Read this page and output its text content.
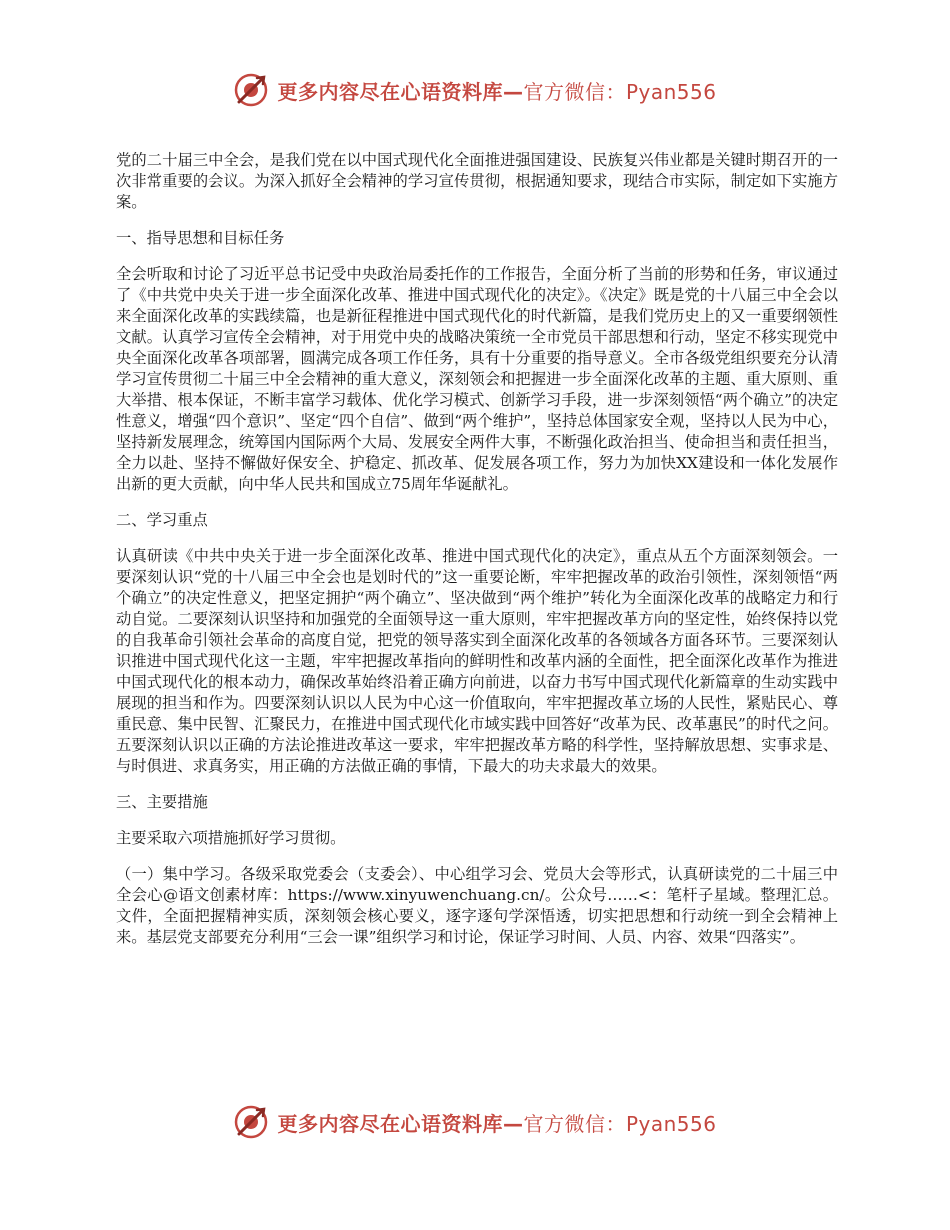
更多内容尽在心语资料库—官方微信：Pyan556

党的二十届三中全会，是我们党在以中国式现代化全面推进强国建设、民族复兴伟业都是关键时期召开的一次非常重要的会议。为深入抓好全会精神的学习宣传贯彻，根据通知要求，现结合市实际，制定如下实施方案。

一、指导思想和目标任务

全会听取和讨论了习近平总书记受中央政治局委托作的工作报告，全面分析了当前的形势和任务，审议通过了《中共党中央关于进一步全面深化改革、推进中国式现代化的决定》。《决定》既是党的十八届三中全会以来全面深化改革的实践续篇，也是新征程推进中国式现代化的时代新篇，是我们党历史上的又一重要纲领性文献。认真学习宣传全会精神，对于用党中央的战略决策统一全市党员干部思想和行动，坚定不移实现党中央全面深化改革各项部署，圆满完成各项工作任务，具有十分重要的指导意义。全市各级党组织要充分认清学习宣传贯彻二十届三中全会精神的重大意义，深刻领会和把握进一步全面深化改革的主题、重大原则、重大举措、根本保证，不断丰富学习载体、优化学习模式、创新学习手段，进一步深刻领悟“两个确立”的决定性意义，增强“四个意识”、坚定“四个自信”、做到“两个维护”，坚持总体国家安全观，坚持以人民为中心，坚持新发展理念，统筹国内国际两个大局、发展安全两件大事，不断强化政治担当、使命担当和责任担当，全力以赴、坚持不懈做好保安全、护稳定、抓改革、促发展各项工作，努力为加快XX建设和一体化发展作出新的更大贡献，向中华人民共和国成立75周年华诞献礼。

二、学习重点

认真研读《中共中央关于进一步全面深化改革、推进中国式现代化的决定》，重点从五个方面深刻领会。一要深刻认识“党的十八届三中全会也是划时代的”这一重要论断，牢牢把握改革的政治引领性，深刻领悟“两个确立”的决定性意义，把坚定拥护“两个确立”、坚决做到“两个维护”转化为全面深化改革的战略定力和行动自觉。二要深刻认识坚持和加强党的全面领导这一重大原则，牢牢把握改革方向的坚定性，始终保持以党的自我革命引领社会革命的高度自觉，把党的领导落实到全面深化改革的各领域各方面各环节。三要深刻认识推进中国式现代化这一主题，牢牢把握改革指向的鲜明性和改革内涵的全面性，把全面深化改革作为推进中国式现代化的根本动力，确保改革始终沿着正确方向前进，以奋力书写中国式现代化新篇章的生动实践中展现的担当和作为。四要深刻认识以人民为中心这一价值取向，牢牢把握改革立场的人民性，紧贴民心、尊重民意、集中民智、汇聚民力，在推进中国式现代化市域实践中回答好“改革为民、改革惠民”的时代之问。五要深刻认识以正确的方法论推进改革这一要求，牢牢把握改革方略的科学性，坚持解放思想、实事求是、与时俱进、求真务实，用正确的方法做正确的事情，下最大的功夫求最大的效果。

三、主要措施

主要采取六项措施抓好学习贯彻。

（一）集中学习。各级采取党委会（支委会）、中心组学习会、党员大会等形式，认真研读党的二十届三中全会心@语文创素材库：https://www.xinyuwenchuang.cn/。公众号……<：笔杆子星域。整理汇总。文件，全面把握精神实质，深刻领会核心要义，逐字逐句学深悟透，切实把思想和行动统一到全会精神上来。基层党支部要充分利用“三会一课”组织学习和讨论，保证学习时间、人员、内容、效果“四落实”。

更多内容尽在心语资料库—官方微信：Pyan556
